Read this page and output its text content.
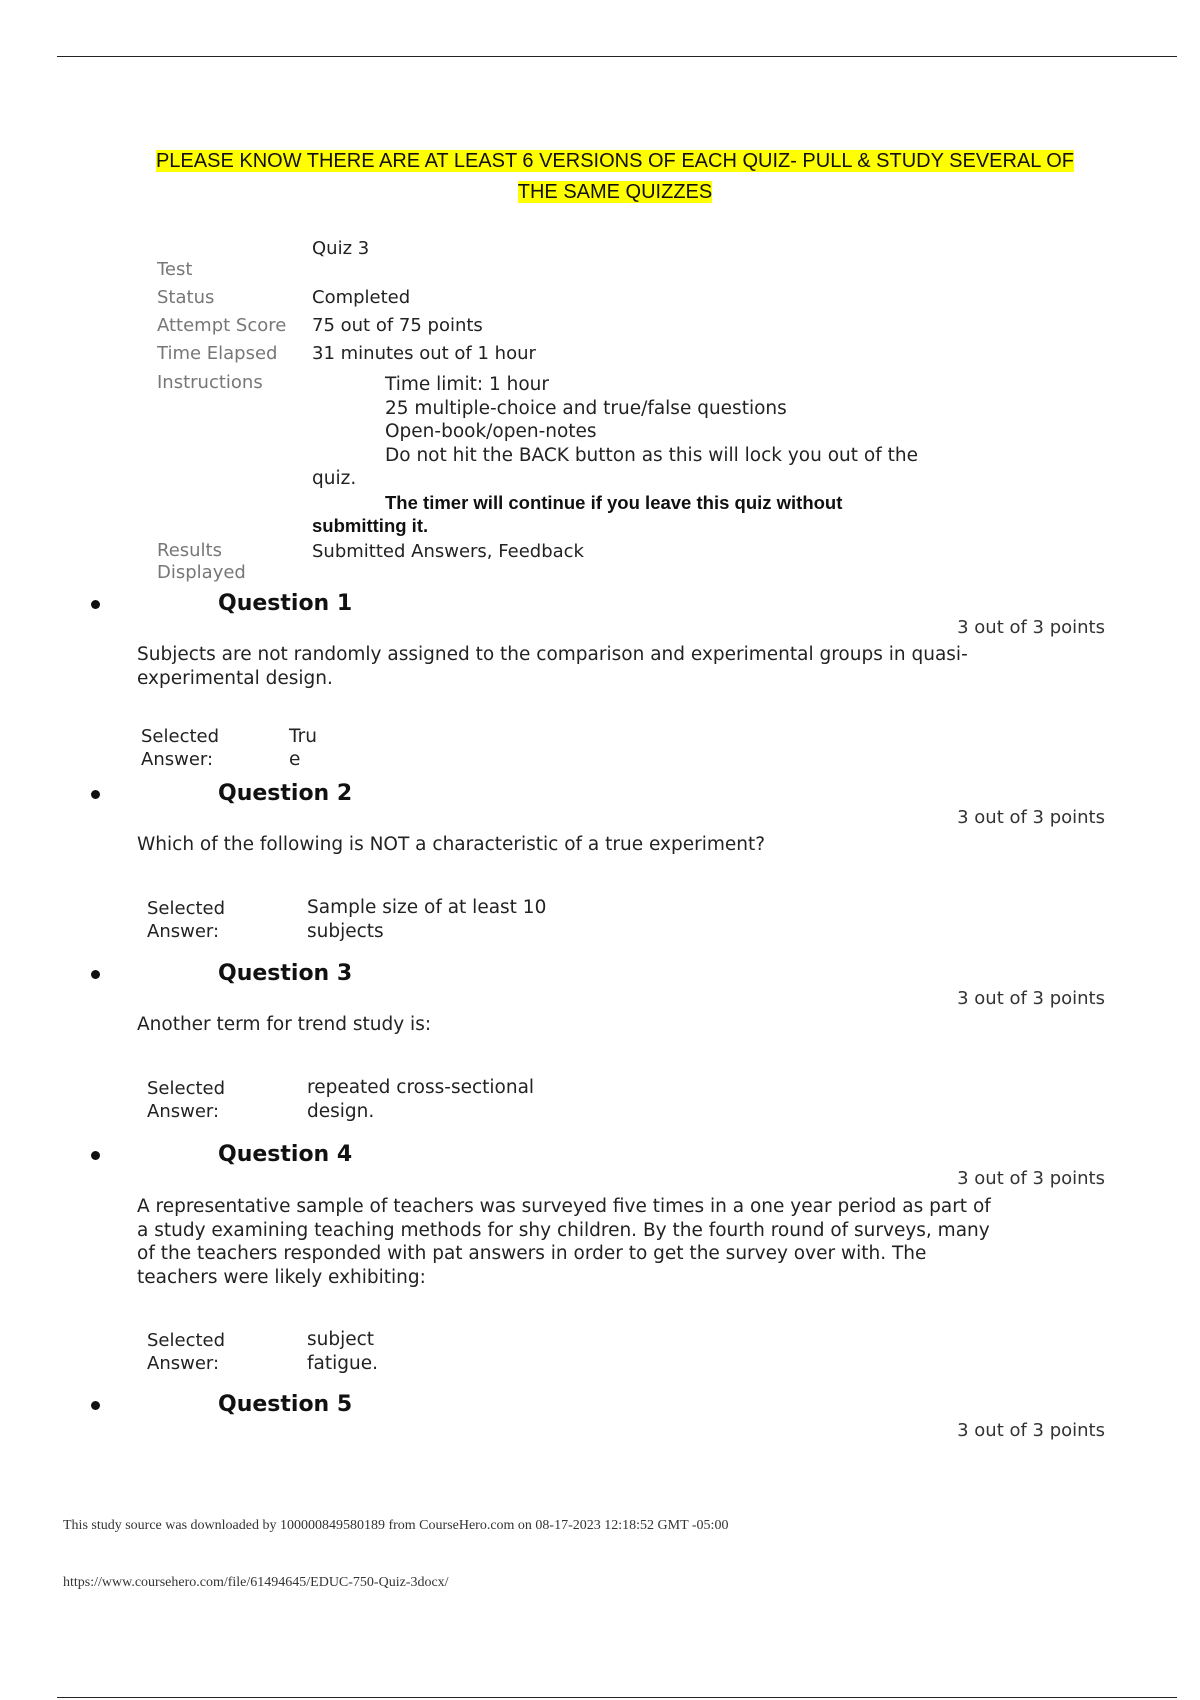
PLEASE KNOW THERE ARE AT LEAST 6 VERSIONS OF EACH QUIZ- PULL & STUDY SEVERAL OF THE SAME QUIZZES
Quiz 3
Test
Status	Completed
Attempt Score 75 out of 75 points
Time Elapsed 31 minutes out of 1 hour
Instructions	Time limit: 1 hour
25 multiple-choice and true/false questions
Open-book/open-notes
Do not hit the BACK button as this will lock you out of the quiz.
The timer will continue if you leave this quiz without submitting it.
Results Displayed
Submitted Answers, Feedback
Question 1
3 out of 3 points
Subjects are not randomly assigned to the comparison and experimental groups in quasi-experimental design.
Selected Answer:
True
Question 2
3 out of 3 points
Which of the following is NOT a characteristic of a true experiment?
Selected Answer:
Sample size of at least 10 subjects
Question 3
3 out of 3 points
Another term for trend study is:
Selected Answer:
repeated cross-sectional design.
Question 4
3 out of 3 points
A representative sample of teachers was surveyed five times in a one year period as part of a study examining teaching methods for shy children. By the fourth round of surveys, many of the teachers responded with pat answers in order to get the survey over with. The teachers were likely exhibiting:
Selected Answer:
subject fatigue.
Question 5
3 out of 3 points
This study source was downloaded by 100000849580189 from CourseHero.com on 08-17-2023 12:18:52 GMT -05:00
https://www.coursehero.com/file/61494645/EDUC-750-Quiz-3docx/
